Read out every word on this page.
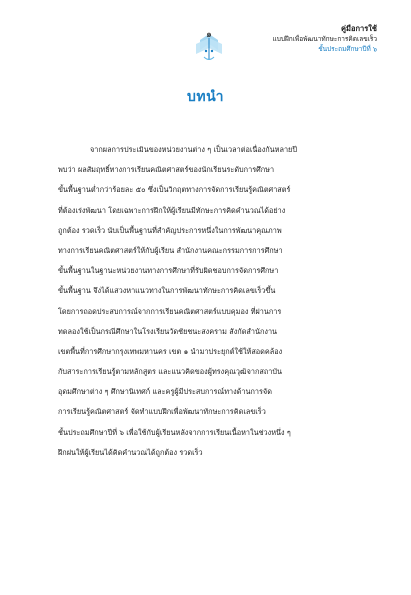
๑
คู่มือการใช้
แบบฝึกเพื่อพัฒนาทักษะการคิดเลขเร็ว
ชั้นประถมศึกษาปีที่ ๖
บทนำ
จากผลการประเมินของหน่วยงานต่าง ๆ เป็นเวลาต่อเนื่องกันหลายปี
พบว่า ผลสัมฤทธิ์ทางการเรียนคณิตศาสตร์ของนักเรียนระดับการศึกษา
ขั้นพื้นฐานต่ำกว่าร้อยละ ๕๐ ซึ่งเป็นวิกฤตทางการจัดการเรียนรู้คณิตศาสตร์
ที่ต้องเร่งพัฒนา โดยเฉพาะการฝึกให้ผู้เรียนมีทักษะการคิดคำนวณได้อย่าง
ถูกต้อง รวดเร็ว นับเป็นพื้นฐานที่สำคัญประการหนึ่งในการพัฒนาคุณภาพ
ทางการเรียนคณิตศาสตร์ให้กับผู้เรียน สำนักงานคณะกรรมการการศึกษา
ขั้นพื้นฐานในฐานะหน่วยงานทางการศึกษาที่รับผิดชอบการจัดการศึกษา
ขั้นพื้นฐาน จึงได้แสวงหาแนวทางในการพัฒนาทักษะการคิดเลขเร็วขึ้น
โดยการถอดประสบการณ์จากการเรียนคณิตศาสตร์แบบคุมอง ที่ผ่านการ
ทดลองใช้เป็นกรณีศึกษาในโรงเรียนวัดชัยชนะสงคราม สังกัดสำนักงาน
เขตพื้นที่การศึกษากรุงเทพมหานคร เขต ๑ นำมาประยุกต์ใช้ให้สอดคล้อง
กับสาระการเรียนรู้ตามหลักสูตร และแนวคิดของผู้ทรงคุณวุฒิจากสถาบัน
อุดมศึกษาต่าง ๆ ศึกษานิเทศก์ และครูผู้มีประสบการณ์ทางด้านการจัด
การเรียนรู้คณิตศาสตร์ จัดทำแบบฝึกเพื่อพัฒนาทักษะการคิดเลขเร็ว
ชั้นประถมศึกษาปีที่ ๖ เพื่อใช้กับผู้เรียนหลังจากการเรียนเนื้อหาในช่วงหนึ่ง ๆ
ฝึกฝนให้ผู้เรียนได้คิดคำนวณได้ถูกต้อง รวดเร็ว
